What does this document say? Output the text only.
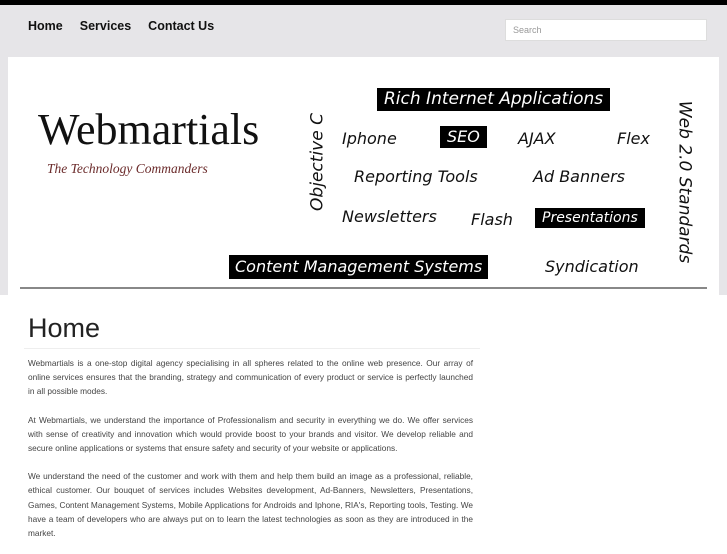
Home Services Contact Us
Search
Webmartials
The Technology Commanders
Rich Internet Applications
Objective C	Web 2.0 Standards
Iphone	SEO	AJAX	Flex
Reporting Tools	Ad Banners
Newsletters Flash	Presentations
Content Management Systems	Syndication
Home

Webmartials is a one-stop digital agency specialising in all spheres related to the online web presence. Our array of online services ensures that the branding, strategy and communication of every product or service is perfectly launched in all possible modes.

At Webmartials, we understand the importance of Professionalism and security in everything we do. We offer services with sense of creativity and innovation which would provide boost to your brands and visitor. We develop reliable and secure online applications or systems that ensure safety and security of your website or applications.

We understand the need of the customer and work with them and help them build an image as a professional, reliable, ethical customer. Our bouquet of services includes Websites development, Ad-Banners, Newsletters, Presentations, Games, Content Management Systems, Mobile Applications for Androids and Iphone, RIA's, Reporting tools, Testing. We have a team of developers who are always put on to learn the latest technologies as soon as they are introduced in the market.
